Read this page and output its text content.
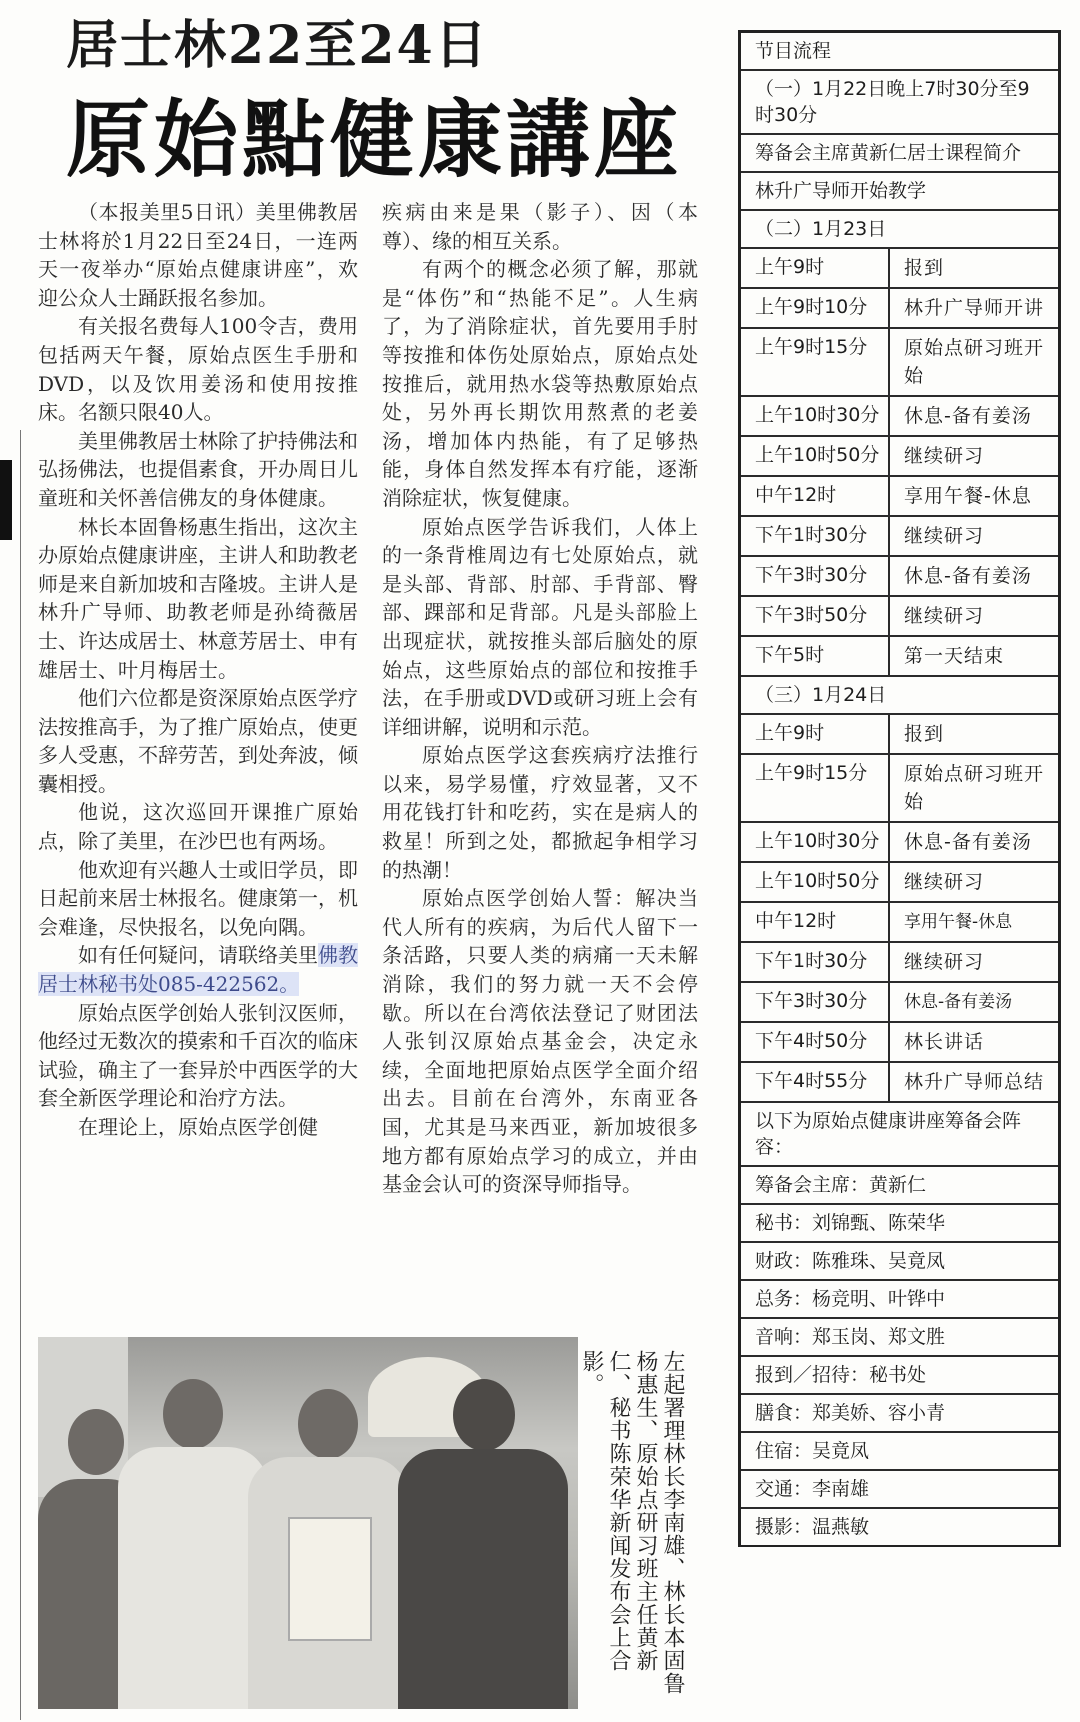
居士林22至24日
原始點健康講座

（本报美里5日讯）美里佛教居士林将於1月22日至24日，一连两天一夜举办“原始点健康讲座”，欢迎公众人士踊跃报名参加。

有关报名费每人100令吉，费用包括两天午餐，原始点医生手册和DVD，以及饮用姜汤和使用按推床。名额只限40人。

美里佛教居士林除了护持佛法和弘扬佛法，也提倡素食，开办周日儿童班和关怀善信佛友的身体健康。

林长本固鲁杨惠生指出，这次主办原始点健康讲座，主讲人和助教老师是来自新加坡和吉隆坡。主讲人是林升广导师、助教老师是孙绮薇居士、许达成居士、林意芳居士、申有雄居士、叶月梅居士。

他们六位都是资深原始点医学疗法按推高手，为了推广原始点，使更多人受惠，不辞劳苦，到处奔波，倾囊相授。

他说，这次巡回开课推广原始点，除了美里，在沙巴也有两场。

他欢迎有兴趣人士或旧学员，即日起前来居士林报名。健康第一，机会难逢，尽快报名，以免向隅。

如有任何疑问，请联络美里佛教居士林秘书处085-422562。

原始点医学创始人张钊汉医师，他经过无数次的摸索和千百次的临床试验，确主了一套异於中西医学的大套全新医学理论和治疗方法。

在理论上，原始点医学创健

疾病由来是果（影子）、因（本尊）、缘的相互关系。

有两个的概念必须了解，那就是“体伤”和“热能不足”。人生病了，为了消除症状，首先要用手肘等按推和体伤处原始点，原始点处按推后，就用热水袋等热敷原始点处，另外再长期饮用熬煮的老姜汤，增加体内热能，有了足够热能，身体自然发挥本有疗能，逐渐消除症状，恢复健康。

原始点医学告诉我们，人体上的一条背椎周边有七处原始点，就是头部、背部、肘部、手背部、臀部、踝部和足背部。凡是头部脸上出现症状，就按推头部后脑处的原始点，这些原始点的部位和按推手法，在手册或DVD或研习班上会有详细讲解，说明和示范。

原始点医学这套疾病疗法推行以来，易学易懂，疗效显著，又不用花钱打针和吃药，实在是病人的救星！所到之处，都掀起争相学习的热潮！

原始点医学创始人誓：解决当代人所有的疾病，为后代人留下一条活路，只要人类的病痛一天未解消除，我们的努力就一天不会停歇。所以在台湾依法登记了财团法人张钊汉原始点基金会，决定永续，全面地把原始点医学全面介绍出去。目前在台湾外，东南亚各国，尤其是马来西亚，新加坡很多地方都有原始点学习的成立，并由基金会认可的资深导师指导。

左起署理林长李南雄、林长本固鲁杨惠生、原始点研习班主任黄新仁、秘书陈荣华新闻发布会上合影。
节目流程
（一）1月22日晚上7时30分至9时30分
筹备会主席黄新仁居士课程简介
林升广导师开始教学
（二）1月23日
上午9时	报到
上午9时10分	林升广导师开讲
上午9时15分	原始点研习班开始
上午10时30分	休息-备有姜汤
上午10时50分	继续研习
中午12时	享用午餐-休息
下午1时30分	继续研习
下午3时30分	休息-备有姜汤
下午3时50分	继续研习
下午5时	第一天结束
（三）1月24日
上午9时	报到
上午9时15分	原始点研习班开始
上午10时30分	休息-备有姜汤
上午10时50分	继续研习
中午12时	享用午餐-休息
下午1时30分	继续研习
下午3时30分	休息-备有姜汤
下午4时50分	林长讲话
下午4时55分	林升广导师总结
以下为原始点健康讲座筹备会阵容：
筹备会主席：黄新仁
秘书：刘锦甄、陈荣华
财政：陈雅珠、吴竟凤
总务：杨竞明、叶铧中
音响：郑玉岗、郑文胜
报到／招待：秘书处
膳食：郑美娇、容小青
住宿：吴竟凤
交通：李南雄
摄影：温燕敏
